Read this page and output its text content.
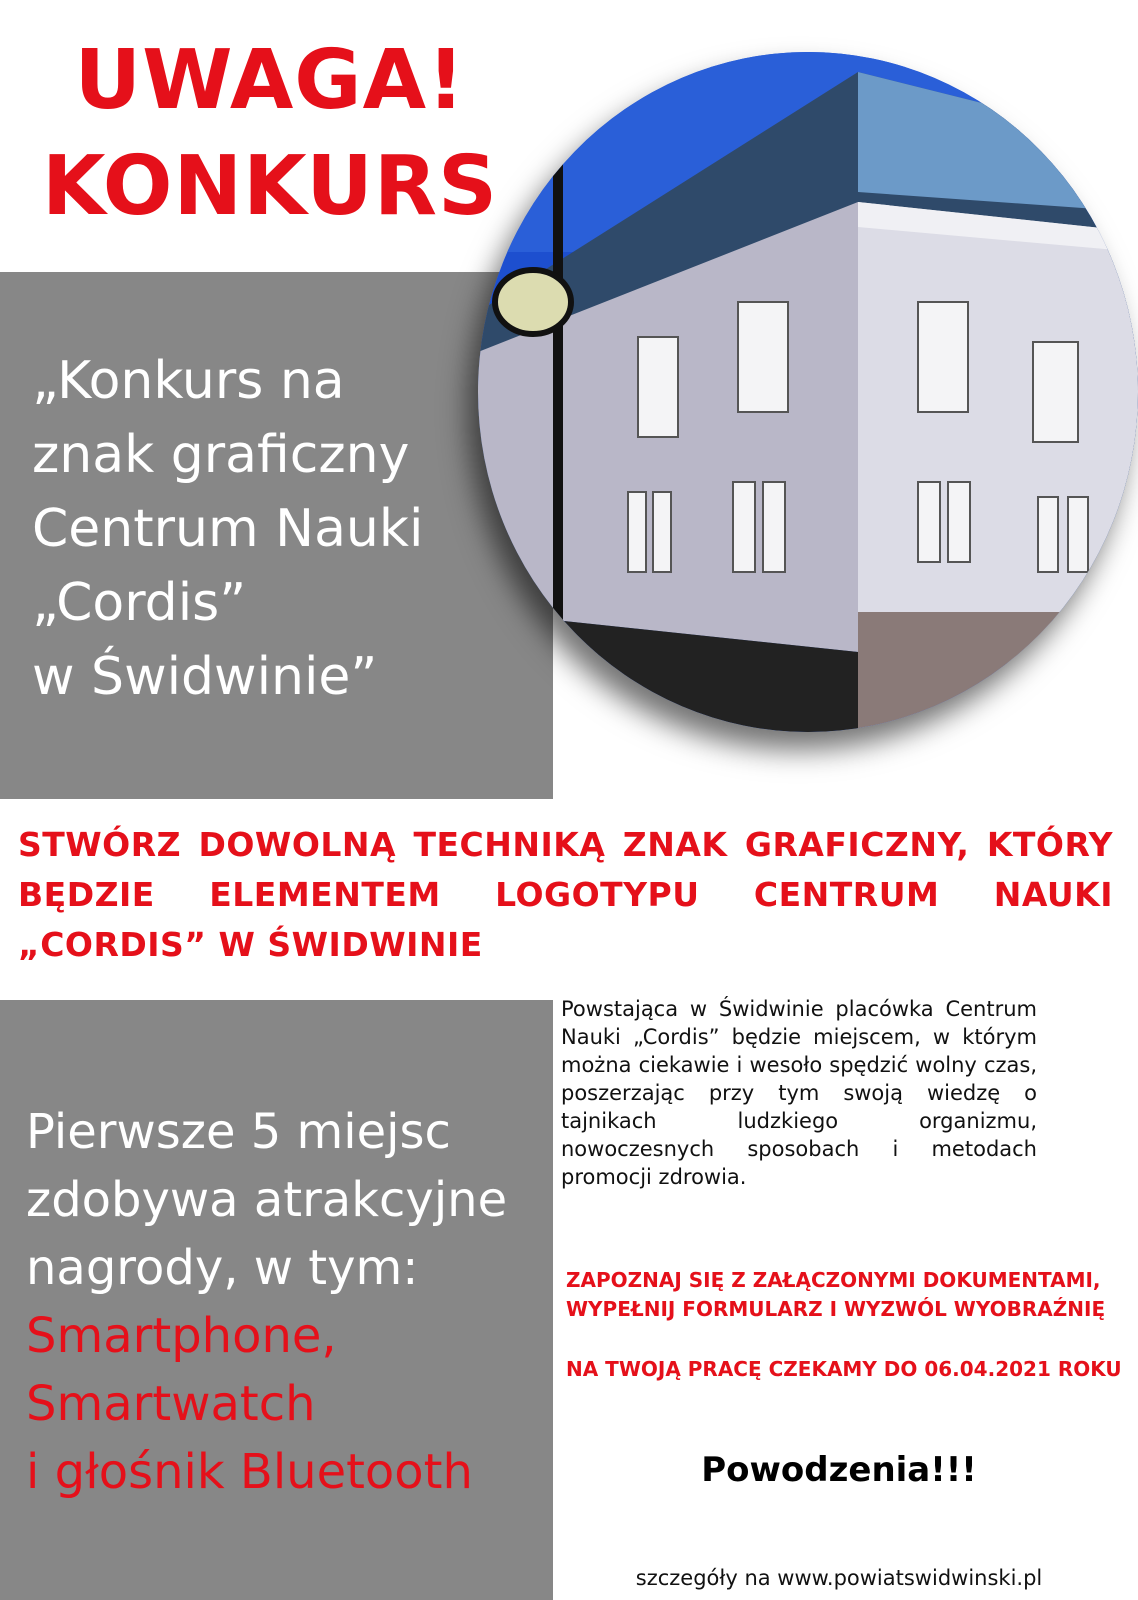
UWAGA!
KONKURS
„Konkurs na
znak graficzny
Centrum Nauki
„Cordis”
w Świdwinie”
STWÓRZ DOWOLNĄ TECHNIKĄ ZNAK GRAFICZNY, KTÓRY BĘDZIE ELEMENTEM LOGOTYPU CENTRUM NAUKI „CORDIS” W ŚWIDWINIE
Pierwsze 5 miejsc
zdobywa atrakcyjne
nagrody, w tym:
Smartphone,
Smartwatch
i głośnik Bluetooth
Powstająca w Świdwinie placówka Centrum Nauki „Cordis” będzie miejscem, w którym można ciekawie i wesoło spędzić wolny czas, poszerzając przy tym swoją wiedzę o tajnikach ludzkiego organizmu, nowoczesnych sposobach i metodach promocji zdrowia.
ZAPOZNAJ SIĘ Z ZAŁĄCZONYMI DOKUMENTAMI,
WYPEŁNIJ FORMULARZ I WYZWÓL WYOBRAŹNIĘ
NA TWOJĄ PRACĘ CZEKAMY DO 06.04.2021 ROKU
Powodzenia!!!
szczegóły na www.powiatswidwinski.pl
